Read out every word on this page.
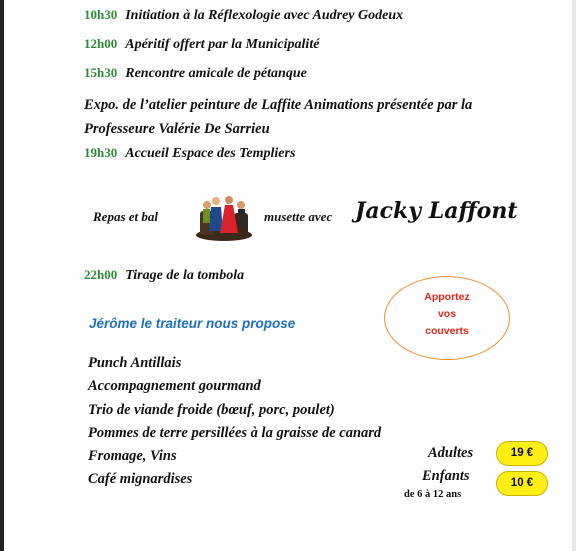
10h30 Initiation à la Réflexologie avec Audrey Godeux
12h00 Apéritif offert par la Municipalité
15h30 Rencontre amicale de pétanque
Expo. de l’atelier peinture de Laffite Animations présentée par la
Professeure Valérie De Sarrieu
19h30 Accueil Espace des Templiers
Repas et bal	musette avec Jacky Laffont
22h00 Tirage de la tombola
Jérôme le traiteur nous propose
Apportez
vos
couverts
Punch Antillais
Accompagnement gourmand
Trio de viande froide (bœuf, porc, poulet)
Pommes de terre persillées à la graisse de canard
Fromage, Vins
Café mignardises
Adultes	19 €
Enfants	10 €
de 6 à 12 ans
